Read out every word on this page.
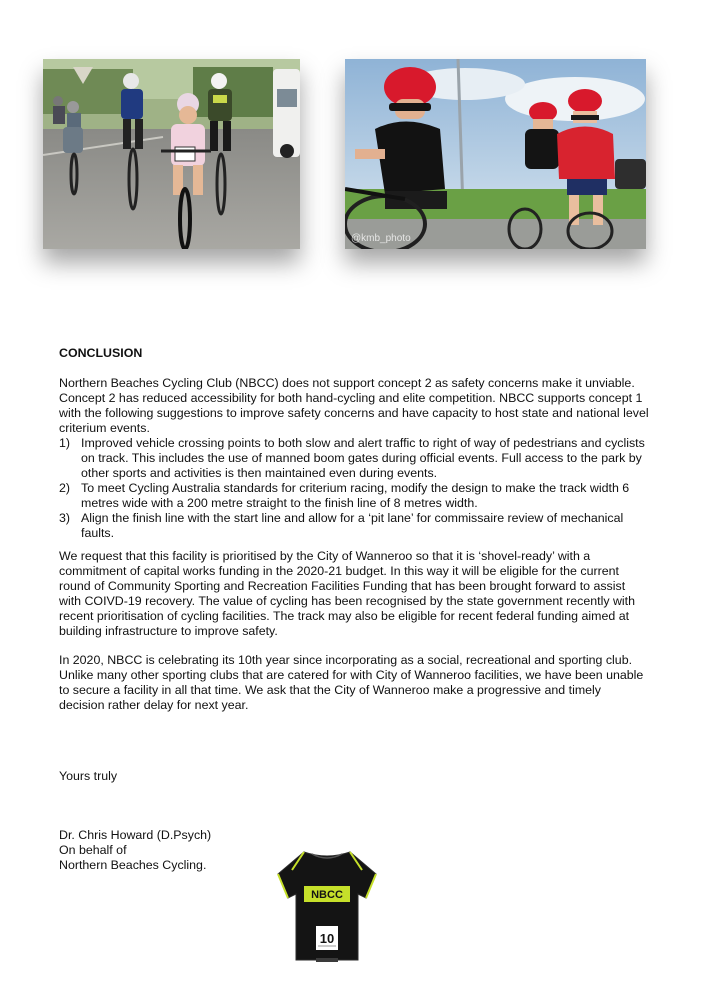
@kmb_photo
CONCLUSION

Northern Beaches Cycling Club (NBCC) does not support concept 2 as safety concerns make it unviable. Concept 2 has reduced accessibility for both hand-cycling and elite competition. NBCC supports concept 1 with the following suggestions to improve safety concerns and have capacity to host state and national level criterium events.

1) Improved vehicle crossing points to both slow and alert traffic to right of way of pedestrians and cyclists on track. This includes the use of manned boom gates during official events. Full access to the park by other sports and activities is then maintained even during events.
2) To meet Cycling Australia standards for criterium racing, modify the design to make the track width 6 metres wide with a 200 metre straight to the finish line of 8 metres width.
3) Align the finish line with the start line and allow for a ‘pit lane’ for commissaire review of mechanical faults.
We request that this facility is prioritised by the City of Wanneroo so that it is ‘shovel-ready’ with a commitment of capital works funding in the 2020-21 budget. In this way it will be eligible for the current round of Community Sporting and Recreation Facilities Funding that has been brought forward to assist with COIVD-19 recovery. The value of cycling has been recognised by the state government recently with recent prioritisation of cycling facilities. The track may also be eligible for recent federal funding aimed at building infrastructure to improve safety.
In 2020, NBCC is celebrating its 10th year since incorporating as a social, recreational and sporting club. Unlike many other sporting clubs that are catered for with City of Wanneroo facilities, we have been unable to secure a facility in all that time. We ask that the City of Wanneroo make a progressive and timely decision rather delay for next year.
Yours truly
Dr. Chris Howard (D.Psych)
On behalf of
Northern Beaches Cycling.
NBCC
10
